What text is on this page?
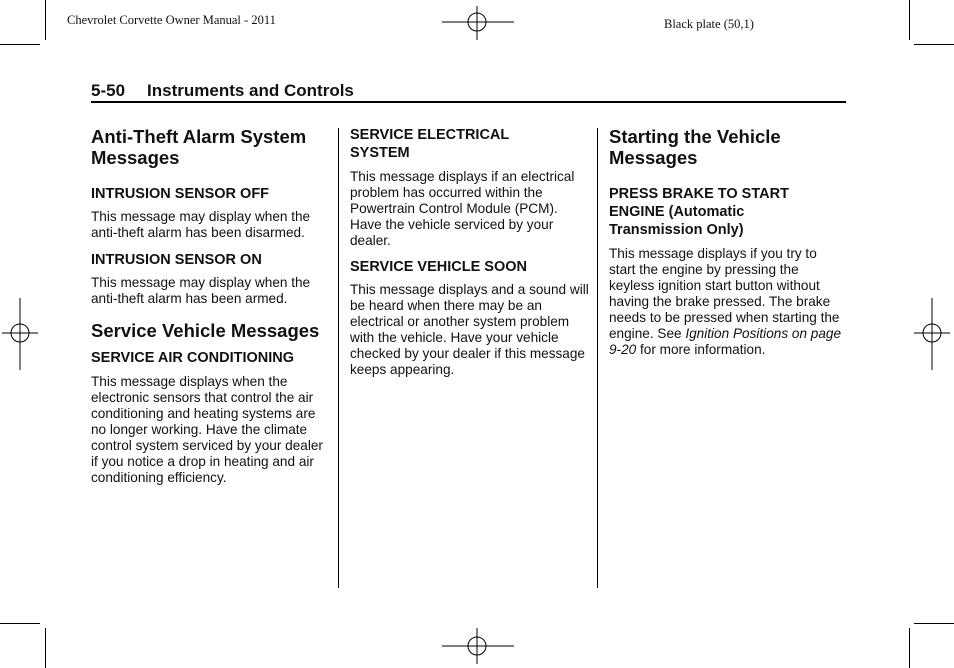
Chevrolet Corvette Owner Manual - 2011	Black plate (50,1)
5-50 Instruments and Controls
Anti-Theft Alarm System Messages
INTRUSION SENSOR OFF

This message may display when the anti-theft alarm has been disarmed.

INTRUSION SENSOR ON

This message may display when the anti-theft alarm has been armed.

Service Vehicle Messages
SERVICE AIR CONDITIONING

This message displays when the electronic sensors that control the air conditioning and heating systems are no longer working. Have the climate control system serviced by your dealer if you notice a drop in heating and air conditioning efficiency.

SERVICE ELECTRICAL SYSTEM

This message displays if an electrical problem has occurred within the Powertrain Control Module (PCM). Have the vehicle serviced by your dealer.

SERVICE VEHICLE SOON

This message displays and a sound will be heard when there may be an electrical or another system problem with the vehicle. Have your vehicle checked by your dealer if this message keeps appearing.

Starting the Vehicle Messages
PRESS BRAKE TO START ENGINE (Automatic Transmission Only)

This message displays if you try to start the engine by pressing the keyless ignition start button without having the brake pressed. The brake needs to be pressed when starting the engine. See Ignition Positions on page 9-20 for more information.
